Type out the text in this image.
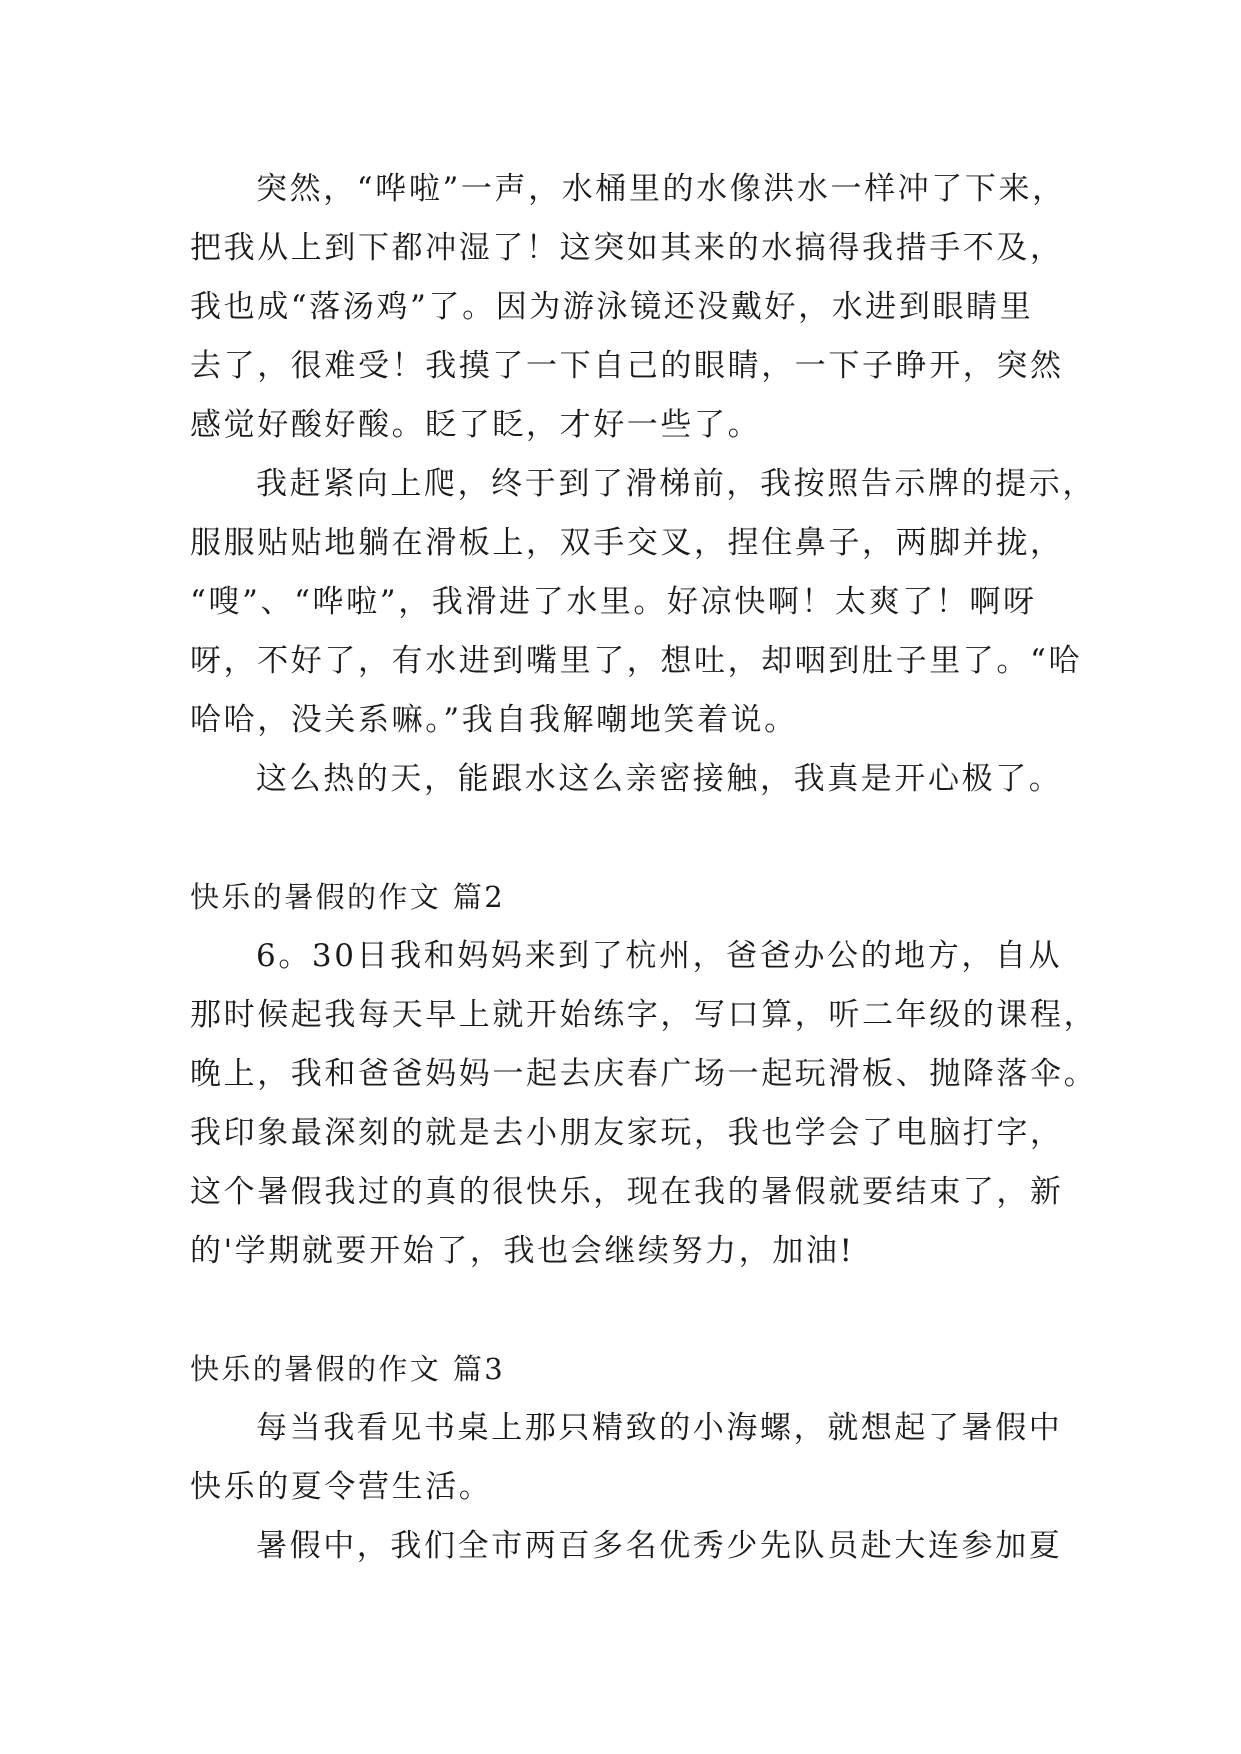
突然，“哗啦”一声，水桶里的水像洪水一样冲了下来，
把我从上到下都冲湿了！这突如其来的水搞得我措手不及，
我也成“落汤鸡”了。因为游泳镜还没戴好，水进到眼睛里
去了，很难受！我摸了一下自己的眼睛，一下子睁开，突然
感觉好酸好酸。眨了眨，才好一些了。
我赶紧向上爬，终于到了滑梯前，我按照告示牌的提示，
服服贴贴地躺在滑板上，双手交叉，捏住鼻子，两脚并拢，
“嗖”、“哗啦”，我滑进了水里。好凉快啊！太爽了！啊呀
呀，不好了，有水进到嘴里了，想吐，却咽到肚子里了。“哈
哈哈，没关系嘛。”我自我解嘲地笑着说。
这么热的天，能跟水这么亲密接触，我真是开心极了。
快乐的暑假的作文 篇2
6。30日我和妈妈来到了杭州，爸爸办公的地方，自从
那时候起我每天早上就开始练字，写口算，听二年级的课程，
晚上，我和爸爸妈妈一起去庆春广场一起玩滑板、抛降落伞。
我印象最深刻的就是去小朋友家玩，我也学会了电脑打字，
这个暑假我过的真的很快乐，现在我的暑假就要结束了，新
的'学期就要开始了，我也会继续努力，加油!
快乐的暑假的作文 篇3
每当我看见书桌上那只精致的小海螺，就想起了暑假中
快乐的夏令营生活。
暑假中，我们全市两百多名优秀少先队员赴大连参加夏
